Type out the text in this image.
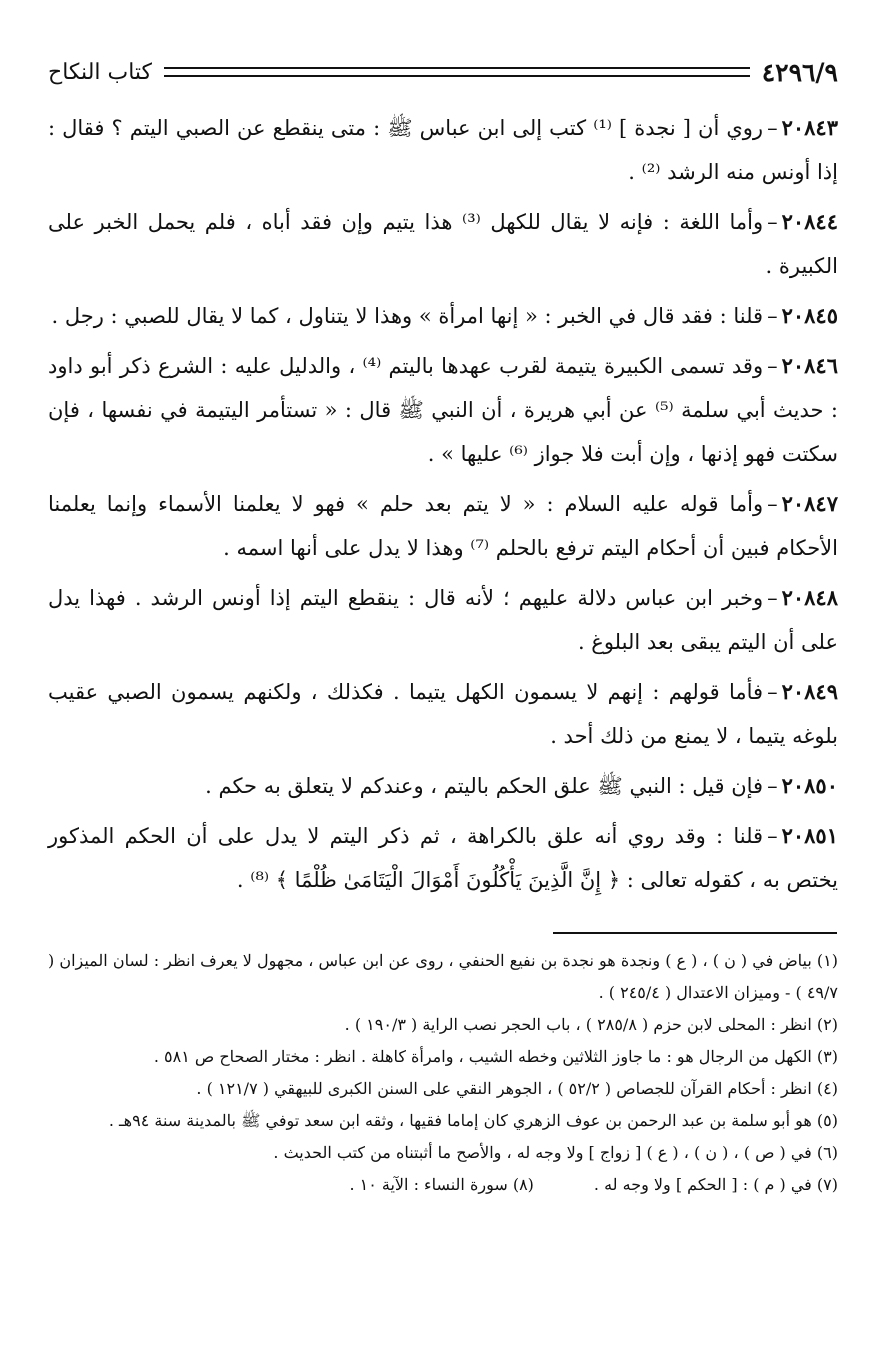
٤٢٩٦/٩
كتاب النكاح

٢٠٨٤٣–روي أن [ نجدة ] ⁽¹⁾ كتب إلى ابن عباس ﷺ : متى ينقطع عن الصبي اليتم ؟ فقال : إذا أونس منه الرشد ⁽²⁾ .

٢٠٨٤٤–وأما اللغة : فإنه لا يقال للكهل ⁽³⁾ هذا يتيم وإن فقد أباه ، فلم يحمل الخبر على الكبيرة .

٢٠٨٤٥–قلنا : فقد قال في الخبر : « إنها امرأة » وهذا لا يتناول ، كما لا يقال للصبي : رجل .

٢٠٨٤٦–وقد تسمى الكبيرة يتيمة لقرب عهدها باليتم ⁽⁴⁾ ، والدليل عليه : الشرع ذكر أبو داود : حديث أبي سلمة ⁽⁵⁾ عن أبي هريرة ، أن النبي ﷺ قال : « تستأمر اليتيمة في نفسها ، فإن سكتت فهو إذنها ، وإن أبت فلا جواز ⁽⁶⁾ عليها » .

٢٠٨٤٧–وأما قوله عليه السلام : « لا يتم بعد حلم » فهو لا يعلمنا الأسماء وإنما يعلمنا الأحكام فبين أن أحكام اليتم ترفع بالحلم ⁽⁷⁾ وهذا لا يدل على أنها اسمه .

٢٠٨٤٨–وخبر ابن عباس دلالة عليهم ؛ لأنه قال : ينقطع اليتم إذا أونس الرشد . فهذا يدل على أن اليتم يبقى بعد البلوغ .

٢٠٨٤٩–فأما قولهم : إنهم لا يسمون الكهل يتيما . فكذلك ، ولكنهم يسمون الصبي عقيب بلوغه يتيما ، لا يمنع من ذلك أحد .

٢٠٨٥٠–فإن قيل : النبي ﷺ علق الحكم باليتم ، وعندكم لا يتعلق به حكم .

٢٠٨٥١–قلنا : وقد روي أنه علق بالكراهة ، ثم ذكر اليتم لا يدل على أن الحكم المذكور يختص به ، كقوله تعالى : ﴿ إِنَّ الَّذِينَ يَأْكُلُونَ أَمْوَالَ الْيَتَامَىٰ ظُلْمًا ﴾ ⁽⁸⁾ .

(١) بياض في ( ن ) ، ( ع ) ونجدة هو نجدة بن نفيع الحنفي ، روى عن ابن عباس ، مجهول لا يعرف انظر : لسان الميزان ( ٤٩/٧ ) - وميزان الاعتدال ( ٢٤٥/٤ ) .

(٢) انظر : المحلى لابن حزم ( ٢٨٥/٨ ) ، باب الحجر نصب الراية ( ١٩٠/٣ ) .

(٣) الكهل من الرجال هو : ما جاوز الثلاثين وخطه الشيب ، وامرأة كاهلة . انظر : مختار الصحاح ص ٥٨١ .

(٤) انظر : أحكام القرآن للجصاص ( ٥٢/٢ ) ، الجوهر النقي على السنن الكبرى للبيهقي ( ١٢١/٧ ) .

(٥) هو أبو سلمة بن عبد الرحمن بن عوف الزهري كان إماما فقيها ، وثقه ابن سعد توفي ﷺ بالمدينة سنة ٩٤هـ .

(٦) في ( ص ) ، ( ن ) ، ( ع ) [ زواج ] ولا وجه له ، والأصح ما أثبتناه من كتب الحديث .

(٧) في ( م ) : [ الحكم ] ولا وجه له .
(٨) سورة النساء : الآية ١٠ .
